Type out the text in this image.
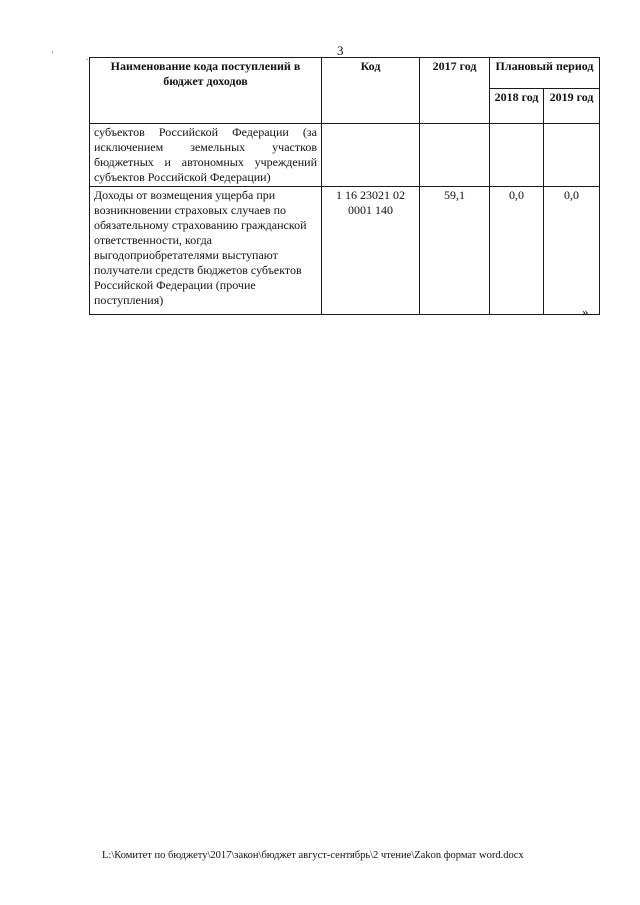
3
'	.
Наименование кода поступлений в бюджет доходов	Код	2017 год	Плановый период	
			2018 год	2019 год
субъектов Российской Федерации (за исключением земельных участков бюджетных и автономных учреждений субъектов Российской Федерации)				
Доходы от возмещения ущерба при возникновении страховых случаев по обязательному страхованию гражданской ответственности, когда выгодоприобретателями выступают получатели средств бюджетов субъектов Российской Федерации (прочие поступления)	1 16 23021 02 0001 140	59,1	0,0	0,0
»
L:\Комитет по бюджету\2017\закон\бюджет август-сентябрь\2 чтение\Zakon формат word.docx
